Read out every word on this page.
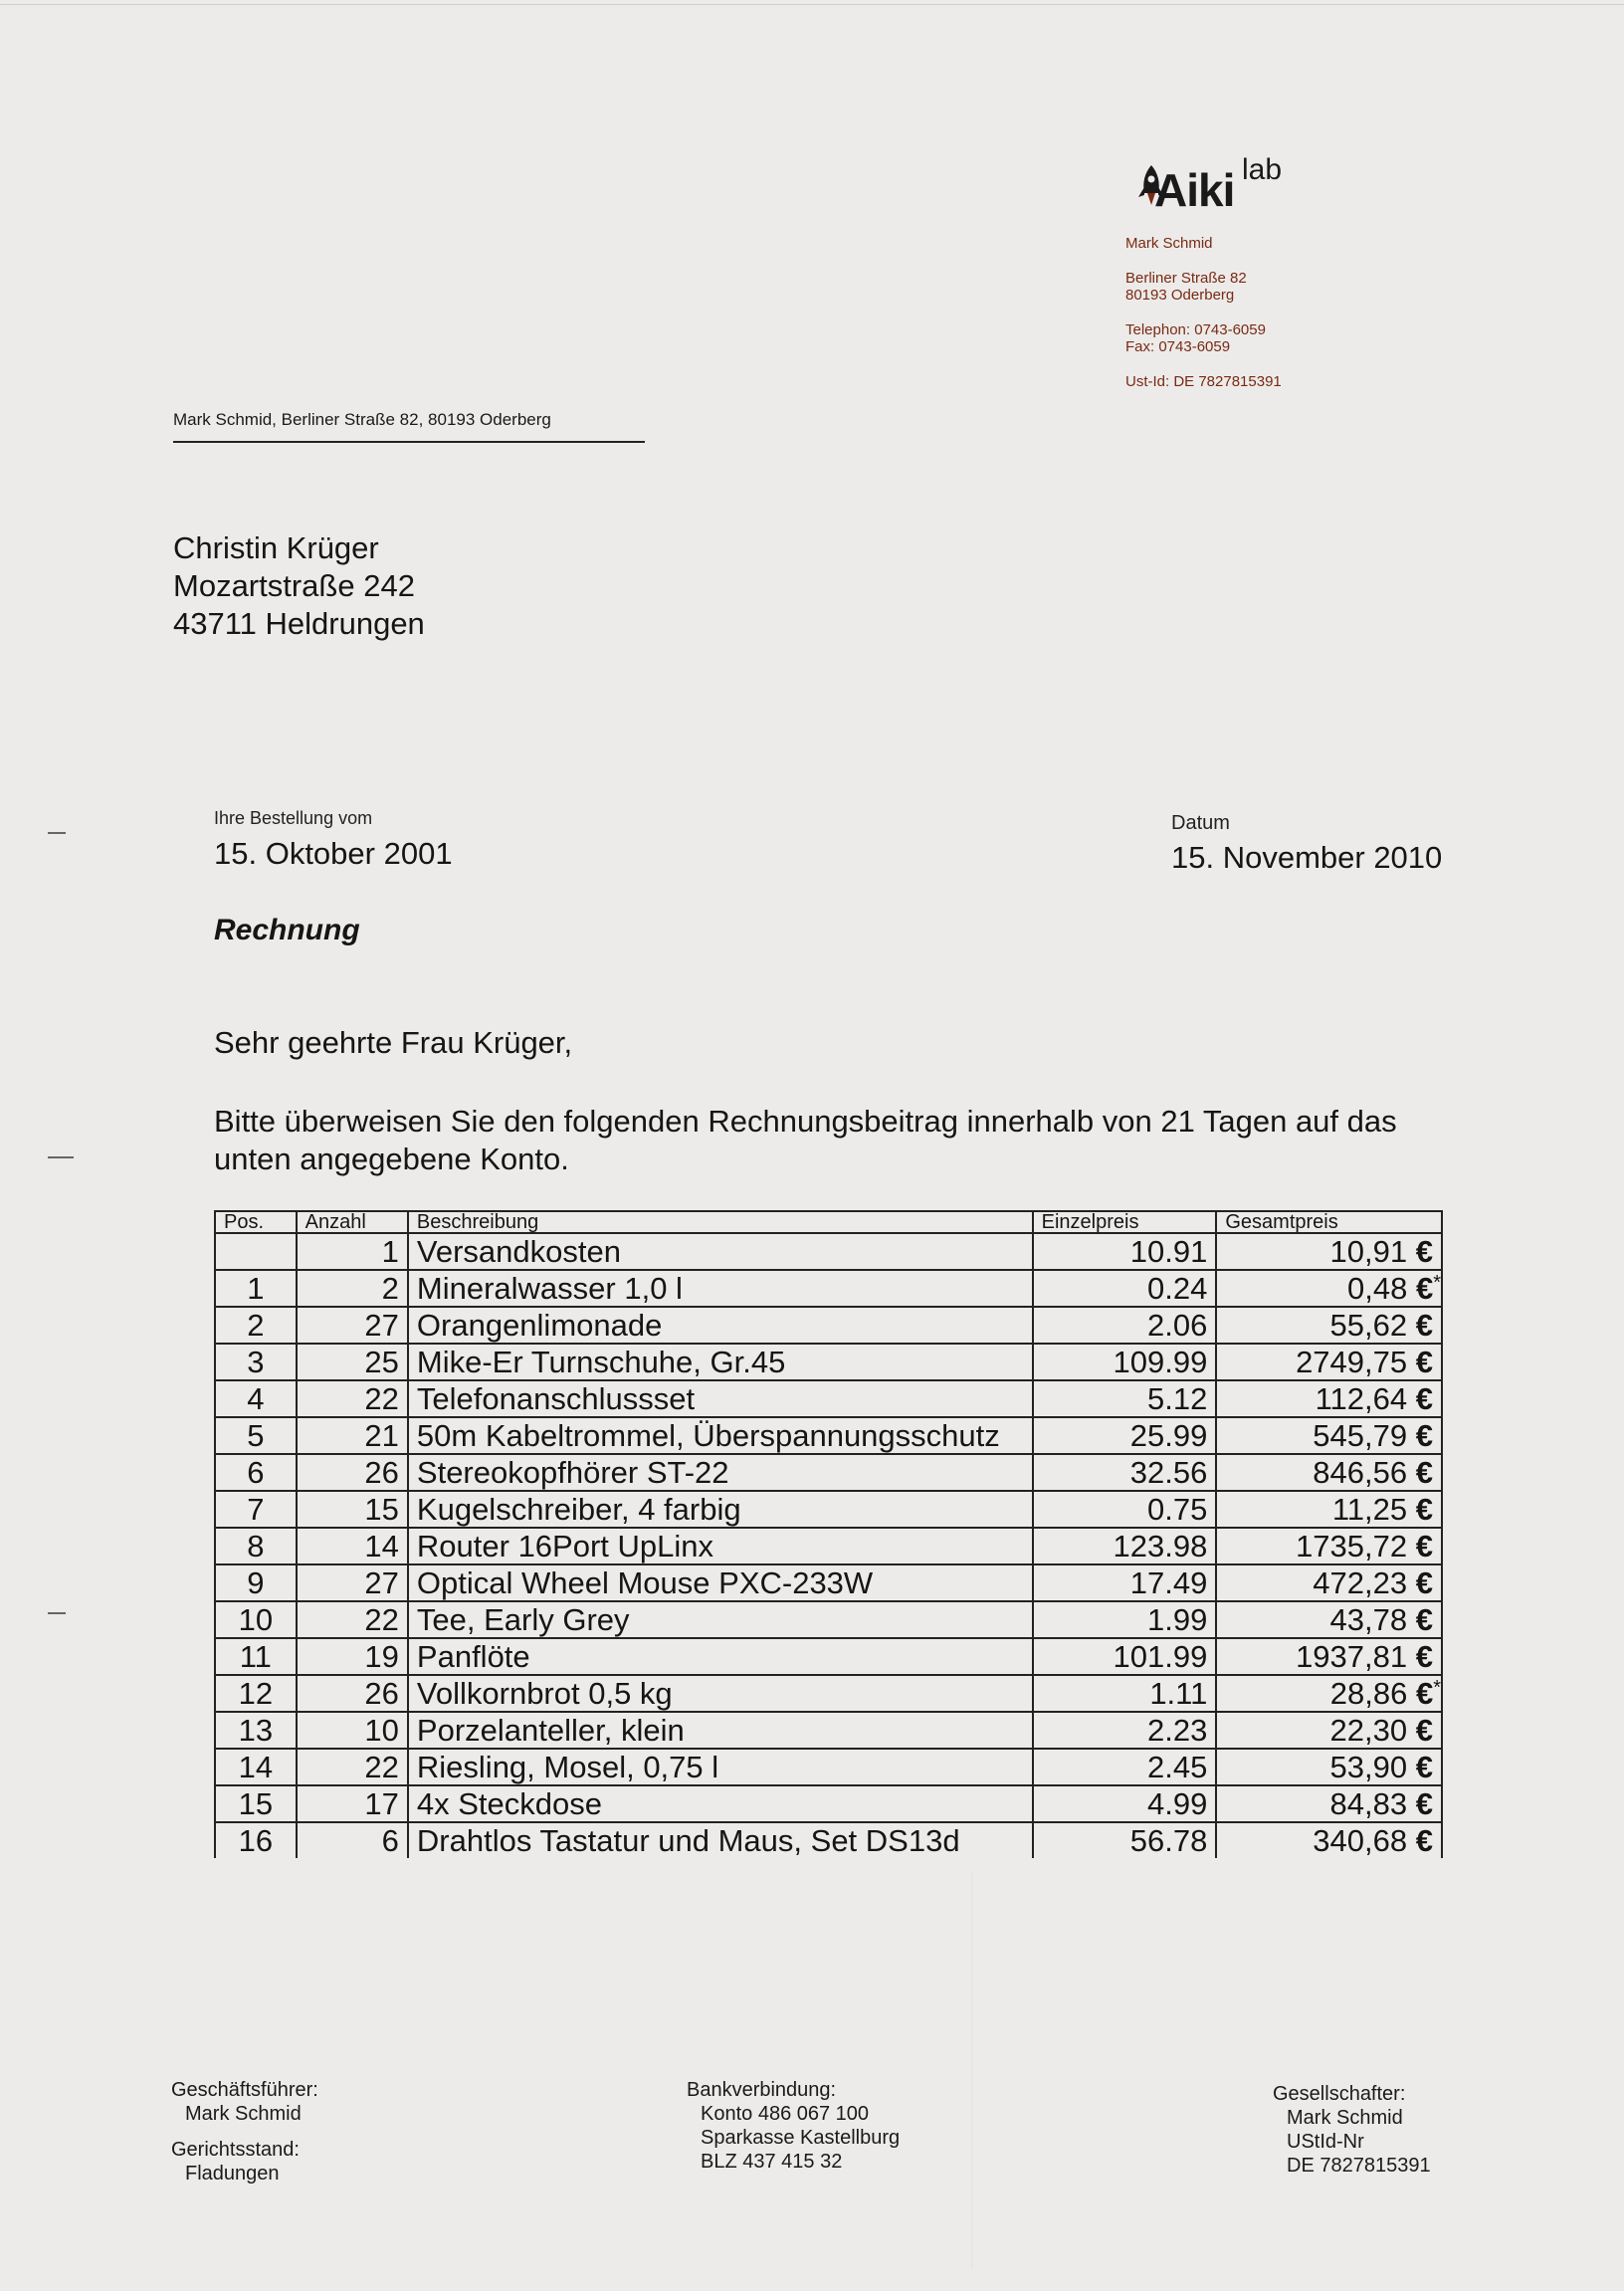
Aiki lab
Mark Schmid
Berliner Straße 82
80193 Oderberg
Telephon: 0743-6059
Fax: 0743-6059
Ust-Id: DE 7827815391
Mark Schmid, Berliner Straße 82, 80193 Oderberg
Christin Krüger
Mozartstraße 242
43711 Heldrungen
Ihre Bestellung vom
15. Oktober 2001
Datum
15. November 2010
Rechnung
Sehr geehrte Frau Krüger,
Bitte überweisen Sie den folgenden Rechnungsbeitrag innerhalb von 21 Tagen auf das unten angegebene Konto.
Pos.	Anzahl	Beschreibung	Einzelpreis	Gesamtpreis
	1	Versandkosten	10.91	10,91 €
1	2	Mineralwasser 1,0 l	0.24	0,48 €*
2	27	Orangenlimonade	2.06	55,62 €
3	25	Mike-Er Turnschuhe, Gr.45	109.99	2749,75 €
4	22	Telefonanschlussset	5.12	112,64 €
5	21	50m Kabeltrommel, Überspannungsschutz	25.99	545,79 €
6	26	Stereokopfhörer ST-22	32.56	846,56 €
7	15	Kugelschreiber, 4 farbig	0.75	11,25 €
8	14	Router 16Port UpLinx	123.98	1735,72 €
9	27	Optical Wheel Mouse PXC-233W	17.49	472,23 €
10	22	Tee, Early Grey	1.99	43,78 €
11	19	Panflöte	101.99	1937,81 €
12	26	Vollkornbrot 0,5 kg	1.11	28,86 €*
13	10	Porzelanteller, klein	2.23	22,30 €
14	22	Riesling, Mosel, 0,75 l	2.45	53,90 €
15	17	4x Steckdose	4.99	84,83 €
16	6	Drahtlos Tastatur und Maus, Set DS13d	56.78	340,68 €
Geschäftsführer:
Mark Schmid
Gerichtsstand:
Fladungen
Bankverbindung:
Konto 486 067 100
Sparkasse Kastellburg
BLZ 437 415 32
Gesellschafter:
Mark Schmid
UStId-Nr
DE 7827815391
